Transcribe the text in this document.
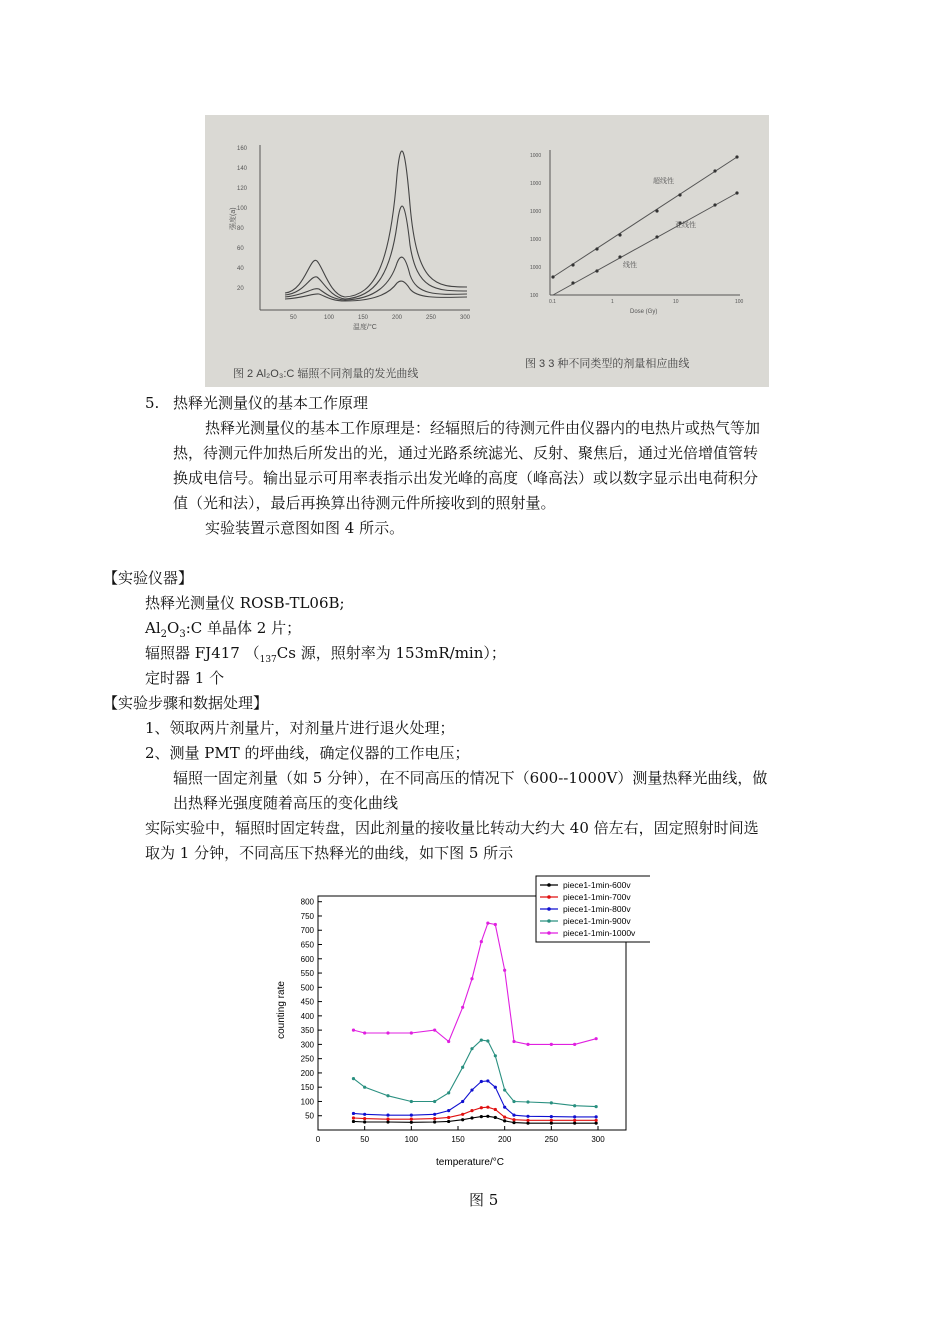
160
140
120
100
80
60
40
20
50	100	150	200	250	300
强度(a)
温度/°C
1000
1000
1000
1000
1000
100
0.1	1	10	100
Dose (Gy)
超线性
亚线性
线性
图 2 Al₂O₃:C 辐照不同剂量的发光曲线
图 3 3 种不同类型的剂量相应曲线
5. 热释光测量仪的基本工作原理
热释光测量仪的基本工作原理是：经辐照后的待测元件由仪器内的电热片或热气等加
热，待测元件加热后所发出的光，通过光路系统滤光、反射、聚焦后，通过光倍增值管转
换成电信号。输出显示可用率表指示出发光峰的高度（峰高法）或以数字显示出电荷积分
值（光和法），最后再换算出待测元件所接收到的照射量。
实验装置示意图如图 4 所示。
【实验仪器】
热释光测量仪 ROSB-TL06B;
$Al_2O_3:C$ 单晶体 2 片；
辐照器 FJ417 （$_{137}Cs$ 源，照射率为 153mR/min）；
定时器 1 个
【实验步骤和数据处理】
1、领取两片剂量片，对剂量片进行退火处理；
2、测量 PMT 的坪曲线，确定仪器的工作电压；
辐照一固定剂量（如 5 分钟），在不同高压的情况下（600--1000V）测量热释光曲线，做
出热释光强度随着高压的变化曲线
实际实验中，辐照时固定转盘，因此剂量的接收量比转动大约大 40 倍左右，固定照射时间选
取为 1 分钟，不同高压下热释光的曲线，如下图 5 所示
50
100
150
200
250
300
350
400
450
500
550
600
650
700
750
800
0	50	100	150	200	250	300
counting rate
temperature/°C
piece1-1min-600v
piece1-1min-700v
piece1-1min-800v
piece1-1min-900v
piece1-1min-1000v
图 5
